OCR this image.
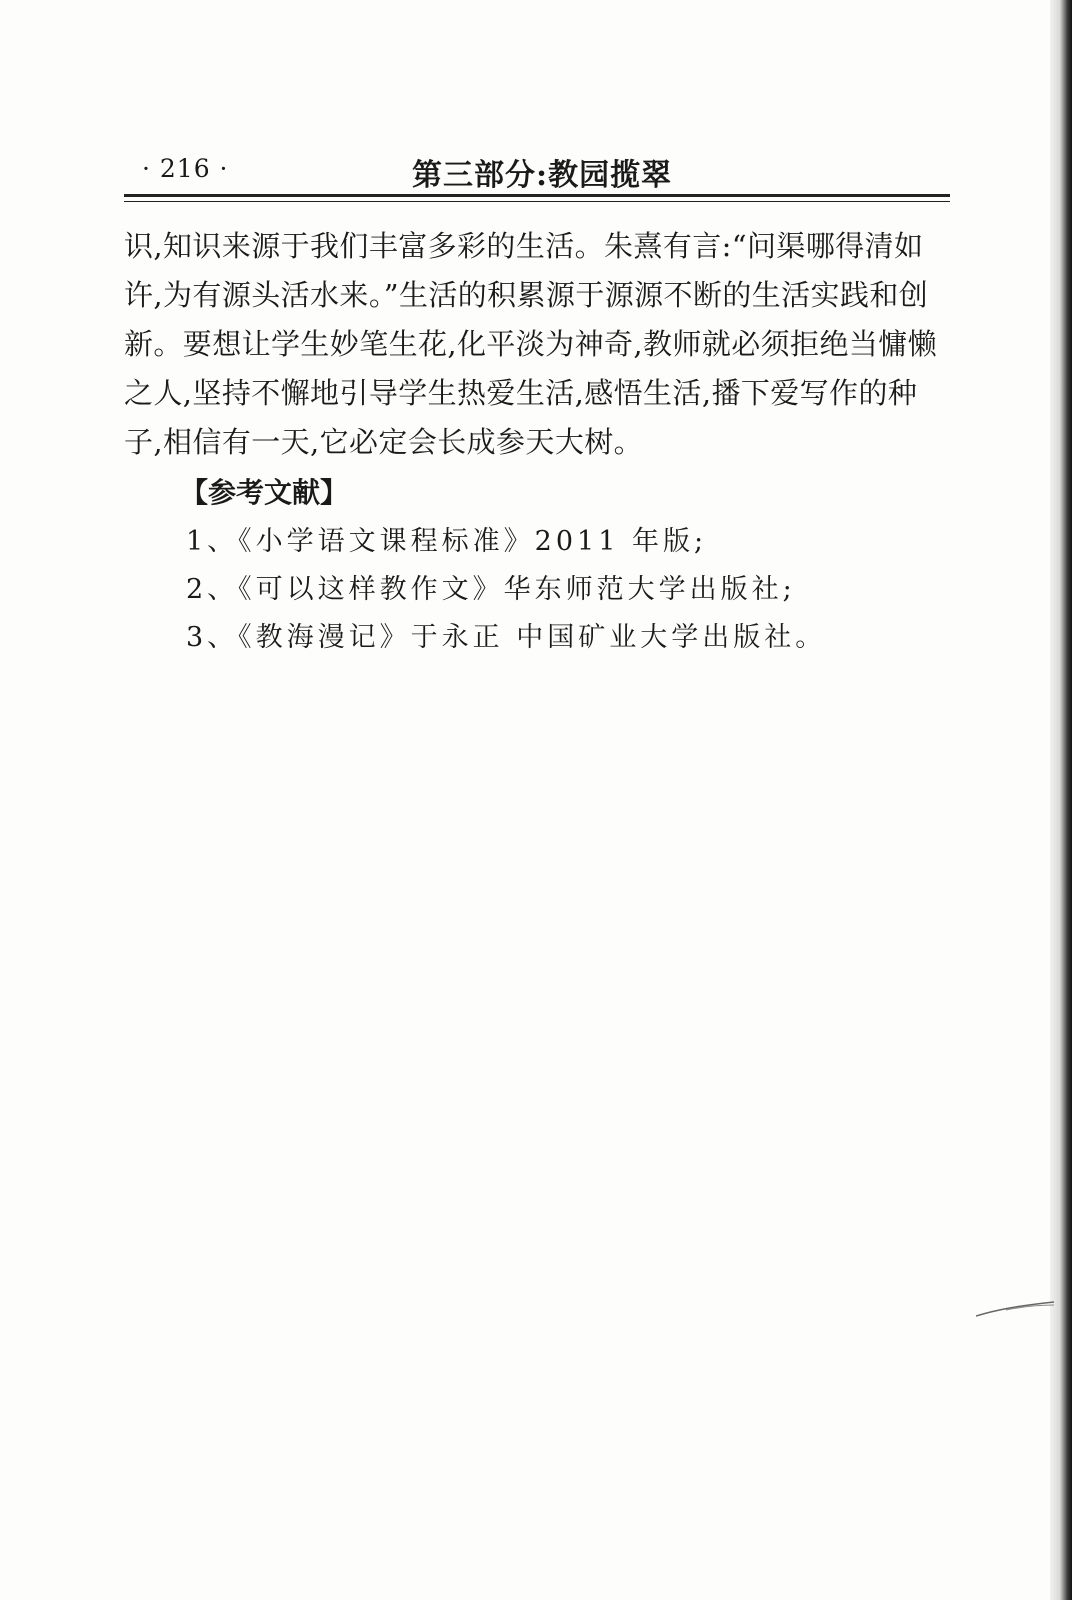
· 216 ·	第三部分:教园揽翠
识,知识来源于我们丰富多彩的生活。朱熹有言:“问渠哪得清如
许,为有源头活水来。”生活的积累源于源源不断的生活实践和创
新。要想让学生妙笔生花,化平淡为神奇,教师就必须拒绝当慵懒
之人,坚持不懈地引导学生热爱生活,感悟生活,播下爱写作的种
子,相信有一天,它必定会长成参天大树。
【参考文献】
1、《小学语文课程标准》2011 年版;
2、《可以这样教作文》华东师范大学出版社;
3、《教海漫记》于永正 中国矿业大学出版社。
